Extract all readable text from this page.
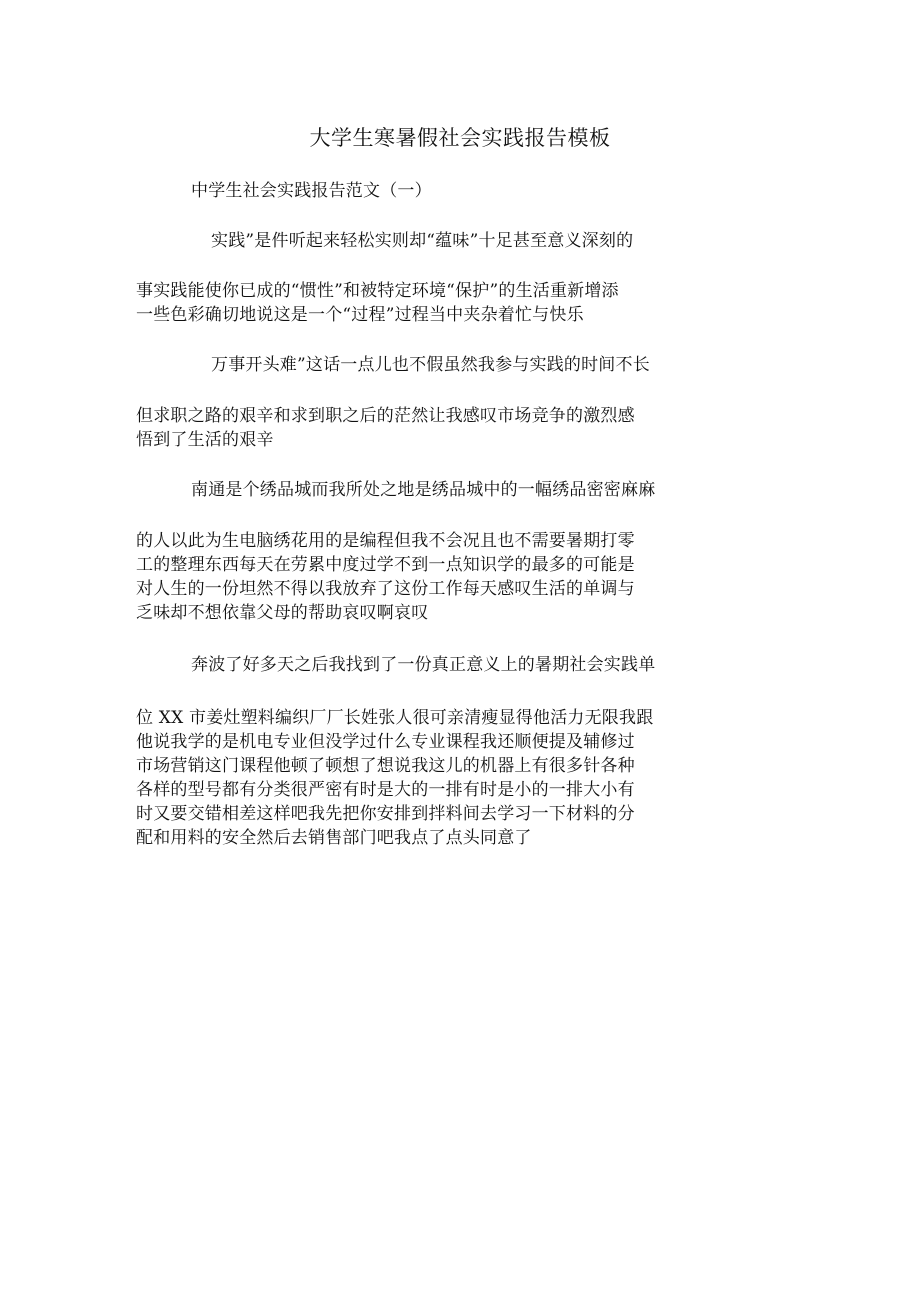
大学生寒暑假社会实践报告模板
中学生社会实践报告范文（一）
实践”是件听起来轻松实则却“蕴味”十足甚至意义深刻的
事实践能使你已成的“惯性”和被特定环境“保护”的生活重新增添
一些色彩确切地说这是一个“过程”过程当中夹杂着忙与快乐
万事开头难”这话一点儿也不假虽然我参与实践的时间不长
但求职之路的艰辛和求到职之后的茫然让我感叹市场竞争的激烈感
悟到了生活的艰辛
南通是个绣品城而我所处之地是绣品城中的一幅绣品密密麻麻
的人以此为生电脑绣花用的是编程但我不会况且也不需要暑期打零
工的整理东西每天在劳累中度过学不到一点知识学的最多的可能是
对人生的一份坦然不得以我放弃了这份工作每天感叹生活的单调与
乏味却不想依靠父母的帮助哀叹啊哀叹
奔波了好多天之后我找到了一份真正意义上的暑期社会实践单
位 XX 市姜灶塑料编织厂厂长姓张人很可亲清瘦显得他活力无限我跟
他说我学的是机电专业但没学过什么专业课程我还顺便提及辅修过
市场营销这门课程他顿了顿想了想说我这儿的机器上有很多针各种
各样的型号都有分类很严密有时是大的一排有时是小的一排大小有
时又要交错相差这样吧我先把你安排到拌料间去学习一下材料的分
配和用料的安全然后去销售部门吧我点了点头同意了
